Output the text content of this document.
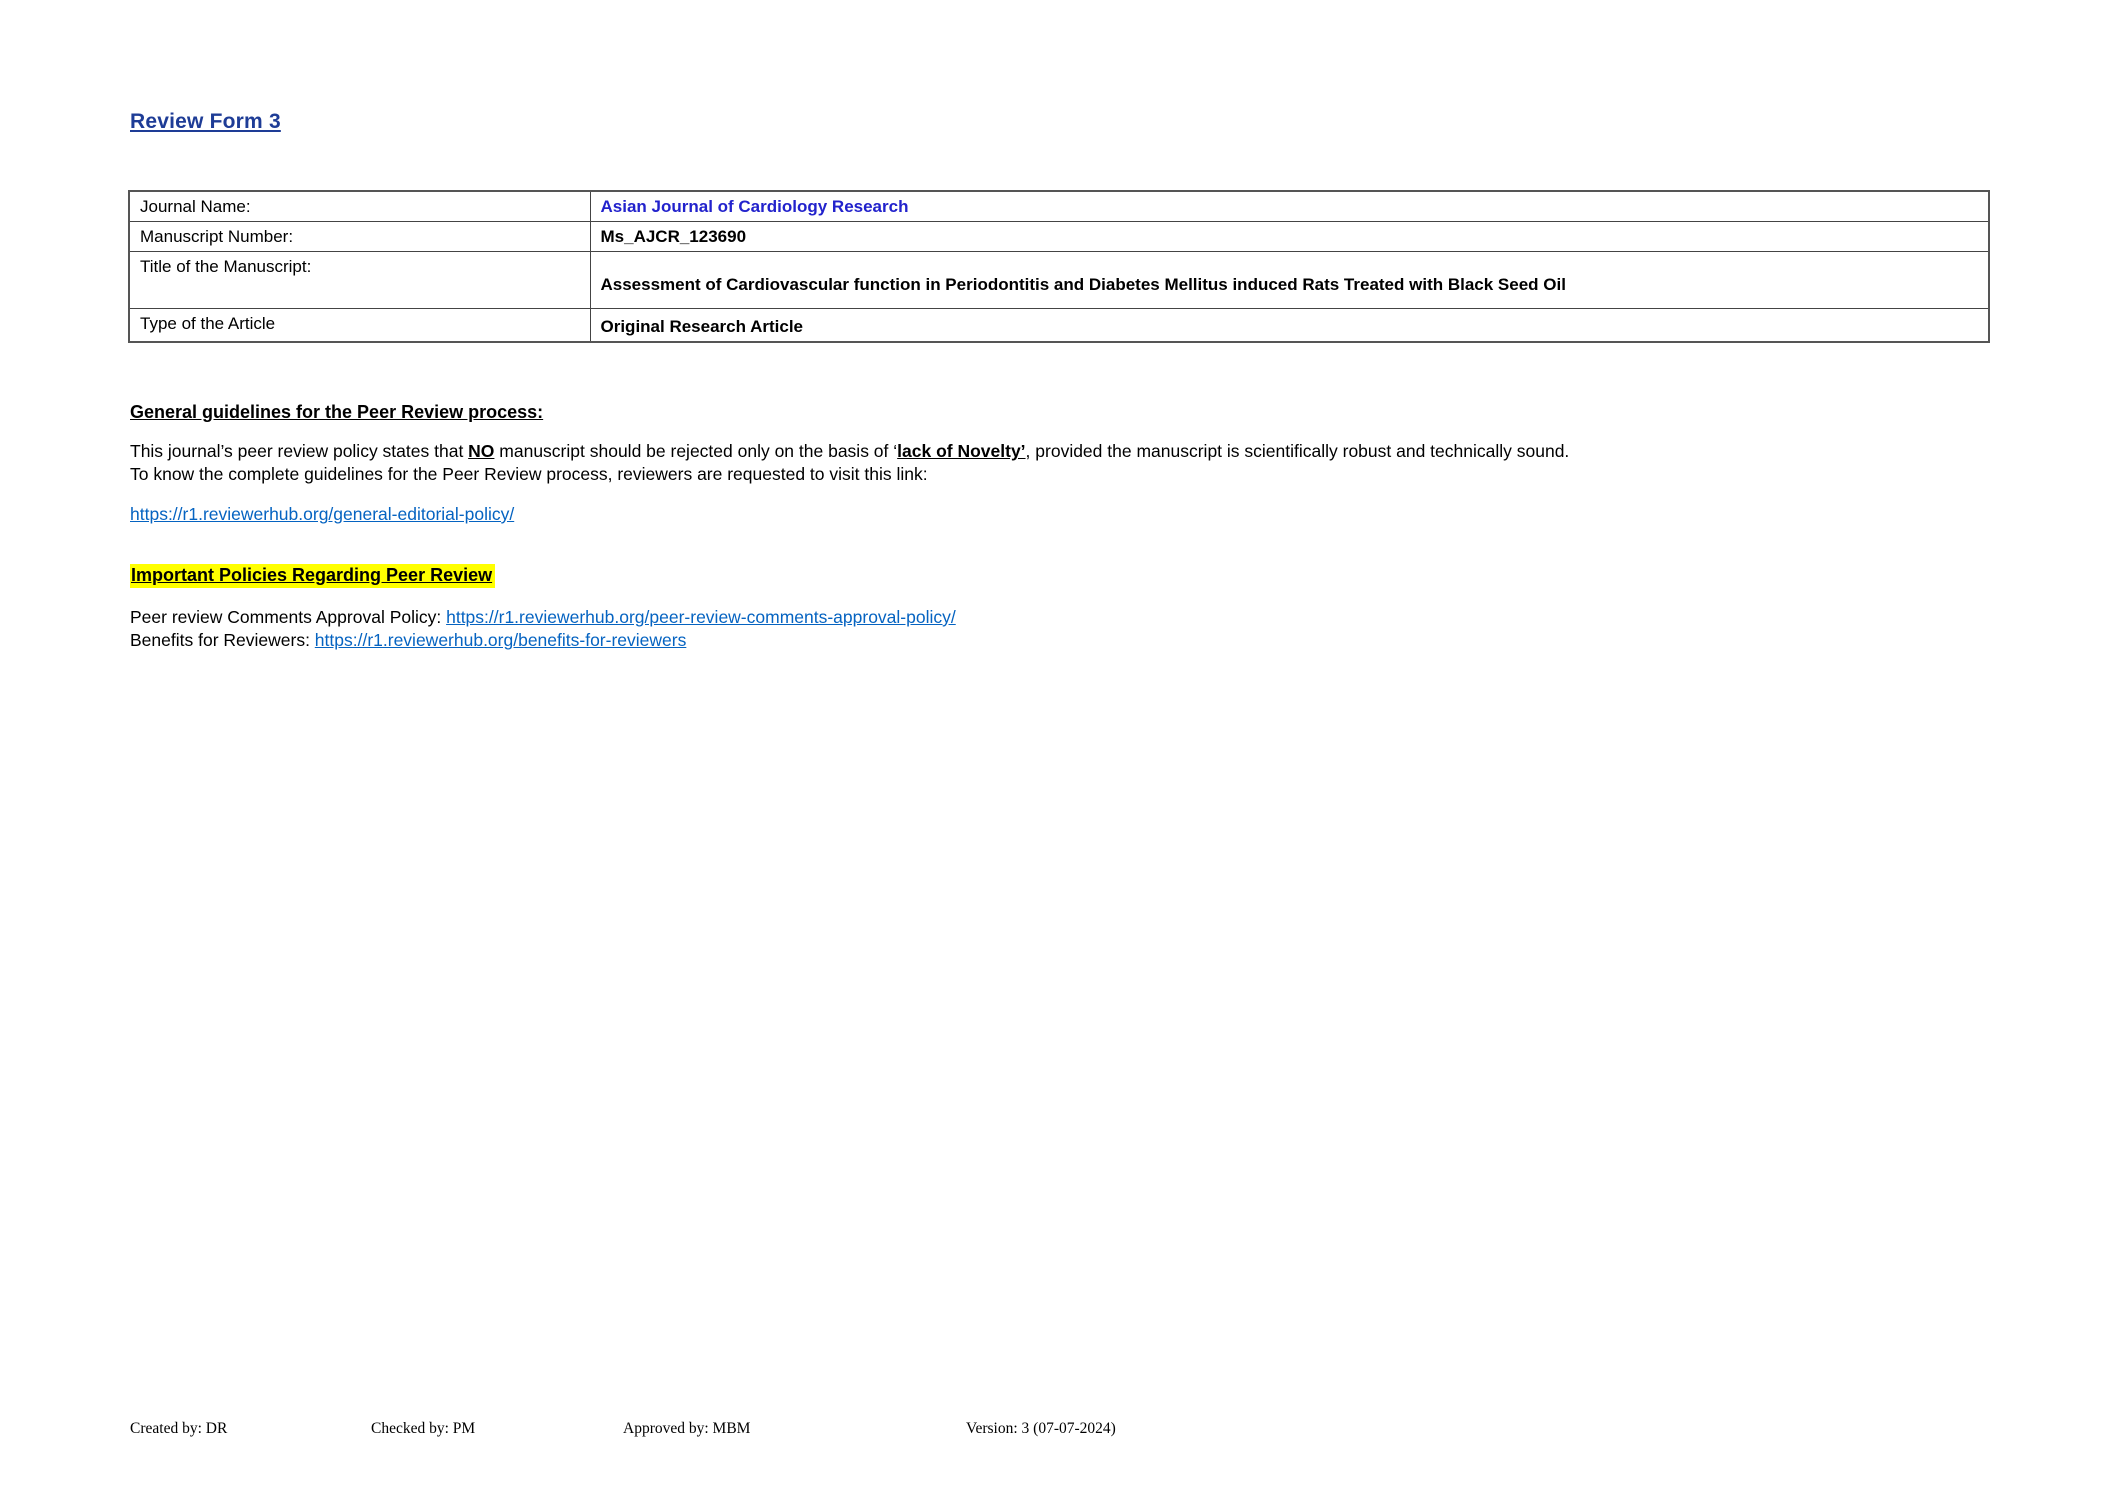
Review Form 3
Journal Name:	Asian Journal of Cardiology Research
Manuscript Number:	Ms_AJCR_123690
Title of the Manuscript:	Assessment of Cardiovascular function in Periodontitis and Diabetes Mellitus induced Rats Treated with Black Seed Oil
Type of the Article	Original Research Article
General guidelines for the Peer Review process:
This journal’s peer review policy states that NO manuscript should be rejected only on the basis of ‘lack of Novelty’, provided the manuscript is scientifically robust and technically sound.
To know the complete guidelines for the Peer Review process, reviewers are requested to visit this link:
https://r1.reviewerhub.org/general-editorial-policy/
Important Policies Regarding Peer Review
Peer review Comments Approval Policy: https://r1.reviewerhub.org/peer-review-comments-approval-policy/
Benefits for Reviewers: https://r1.reviewerhub.org/benefits-for-reviewers
Created by: DR	Checked by: PM	Approved by: MBM	Version: 3 (07-07-2024)
